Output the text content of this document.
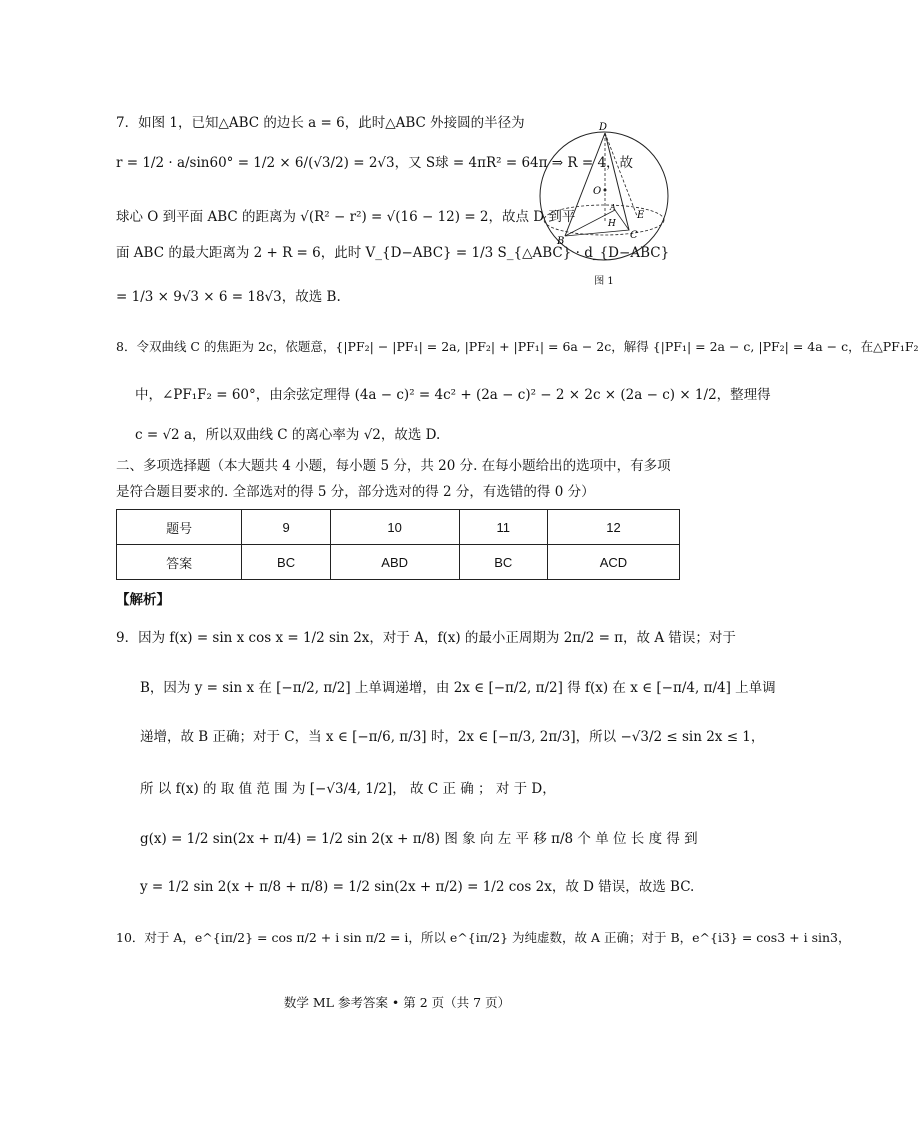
7．如图 1，已知△ABC 的边长 a = 6，此时△ABC 外接圆的半径为
r = 1/2 · a/sin60° = 1/2 × 6/(√3/2) = 2√3，又 S球 = 4πR² = 64π ⇒ R = 4，故
球心 O 到平面 ABC 的距离为 √(R² − r²) = √(16 − 12) = 2，故点 D 到平
面 ABC 的最大距离为 2 + R = 6，此时 V_{D−ABC} = 1/3 S_{△ABC} · d_{D−ABC}
= 1/3 × 9√3 × 6 = 18√3，故选 B.
D
O
A
B
C
E
H
图 1
8．令双曲线 C 的焦距为 2c，依题意，{|PF₂| − |PF₁| = 2a, |PF₂| + |PF₁| = 6a − 2c，解得 {|PF₁| = 2a − c, |PF₂| = 4a − c，在△PF₁F₂
中，∠PF₁F₂ = 60°，由余弦定理得 (4a − c)² = 4c² + (2a − c)² − 2 × 2c × (2a − c) × 1/2，整理得
c = √2 a，所以双曲线 C 的离心率为 √2，故选 D.
二、多项选择题（本大题共 4 小题，每小题 5 分，共 20 分. 在每小题给出的选项中，有多项
是符合题目要求的. 全部选对的得 5 分，部分选对的得 2 分，有选错的得 0 分）
题号	9	10	11	12
答案	BC	ABD	BC	ACD
【解析】
9．因为 f(x) = sin x cos x = 1/2 sin 2x，对于 A，f(x) 的最小正周期为 2π/2 = π，故 A 错误；对于
B，因为 y = sin x 在 [−π/2, π/2] 上单调递增，由 2x ∈ [−π/2, π/2] 得 f(x) 在 x ∈ [−π/4, π/4] 上单调
递增，故 B 正确；对于 C，当 x ∈ [−π/6, π/3] 时，2x ∈ [−π/3, 2π/3]，所以 −√3/2 ≤ sin 2x ≤ 1，
所 以 f(x) 的 取 值 范 围 为 [−√3/4, 1/2]， 故 C 正 确 ； 对 于 D，
g(x) = 1/2 sin(2x + π/4) = 1/2 sin 2(x + π/8) 图 象 向 左 平 移 π/8 个 单 位 长 度 得 到
y = 1/2 sin 2(x + π/8 + π/8) = 1/2 sin(2x + π/2) = 1/2 cos 2x，故 D 错误，故选 BC.
10．对于 A，e^{iπ/2} = cos π/2 + i sin π/2 = i，所以 e^{iπ/2} 为纯虚数，故 A 正确；对于 B，e^{i3} = cos3 + i sin3，
数学 ML 参考答案 • 第 2 页（共 7 页）
